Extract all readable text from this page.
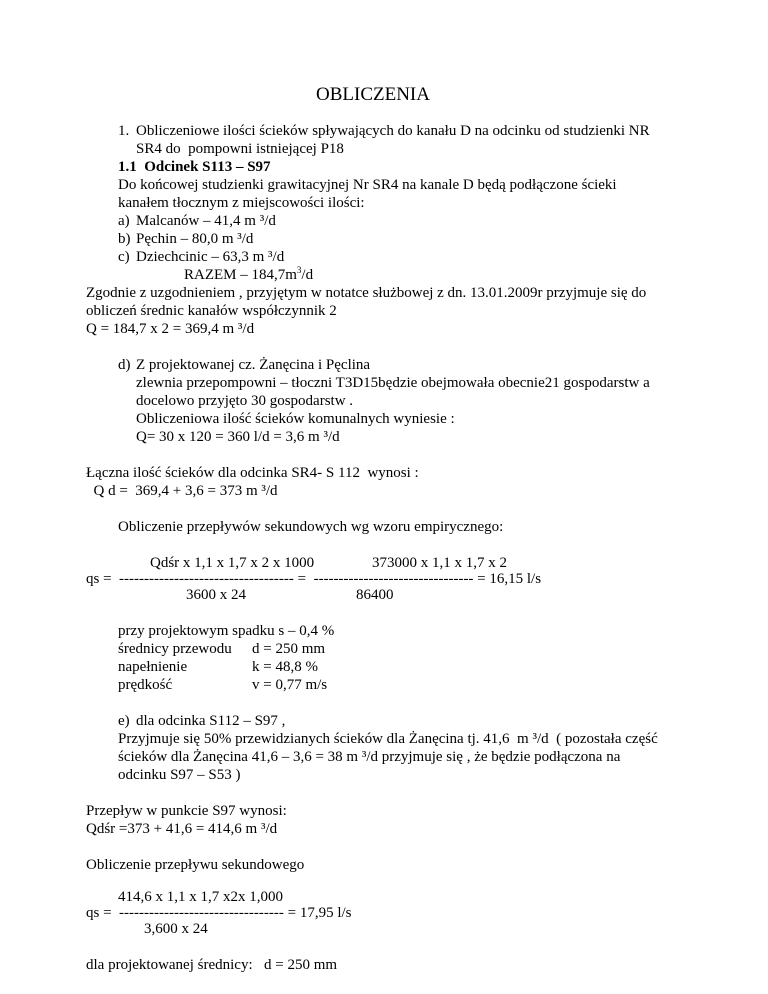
OBLICZENIA
1. Obliczeniowe ilości ścieków spływających do kanału D na odcinku od studzienki NR
SR4 do  pompowni istniejącej P18
1.1  Odcinek S113 – S97
Do końcowej studzienki grawitacyjnej Nr SR4 na kanale D będą podłączone ścieki
kanałem tłocznym z miejscowości ilości:
a) Malcanów – 41,4 m ³/d
b) Pęchin – 80,0 m ³/d
c) Dziechcinic – 63,3 m ³/d
RAZEM – $184,7m^3/d$
Zgodnie z uzgodnieniem , przyjętym w notatce służbowej z dn. 13.01.2009r przyjmuje się do
obliczeń średnic kanałów współczynnik 2
Q = 184,7 x 2 = 369,4 m ³/d
d) Z projektowanej cz. Żanęcina i Pęclina
zlewnia przepompowni – tłoczni T3D15będzie obejmowała obecnie21 gospodarstw a
docelowo przyjęto 30 gospodarstw .
Obliczeniowa ilość ścieków komunalnych wyniesie :
Q= 30 x 120 = 360 l/d = 3,6 m ³/d
Łączna ilość ścieków dla odcinka SR4- S 112  wynosi :
Q d =  369,4 + 3,6 = 373 m ³/d
Obliczenie przepływów sekundowych wg wzoru empirycznego:
Qdśr x 1,1 x 1,7 x 2 x 1000	373000 x 1,1 x 1,7 x 2
qs =  ----------------------------------- =  -------------------------------- = 16,15 l/s
3600 x 24	86400
przy projektowym spadku s – 0,4 %
średnicy przewodu d = 250 mm
napełnienie	k = 48,8 %
prędkość	v = 0,77 m/s
e) dla odcinka S112 – S97 ,
Przyjmuje się 50% przewidzianych ścieków dla Żanęcina tj. 41,6  m ³/d  ( pozostała część
ścieków dla Żanęcina 41,6 – 3,6 = 38 m ³/d przyjmuje się , że będzie podłączona na
odcinku S97 – S53 )
Przepływ w punkcie S97 wynosi:
Qdśr =373 + 41,6 = 414,6 m ³/d
Obliczenie przepływu sekundowego
414,6 x 1,1 x 1,7 x2x 1,000
qs =  --------------------------------- = 17,95 l/s
3,600 x 24
dla projektowanej średnicy: d = 250 mm
